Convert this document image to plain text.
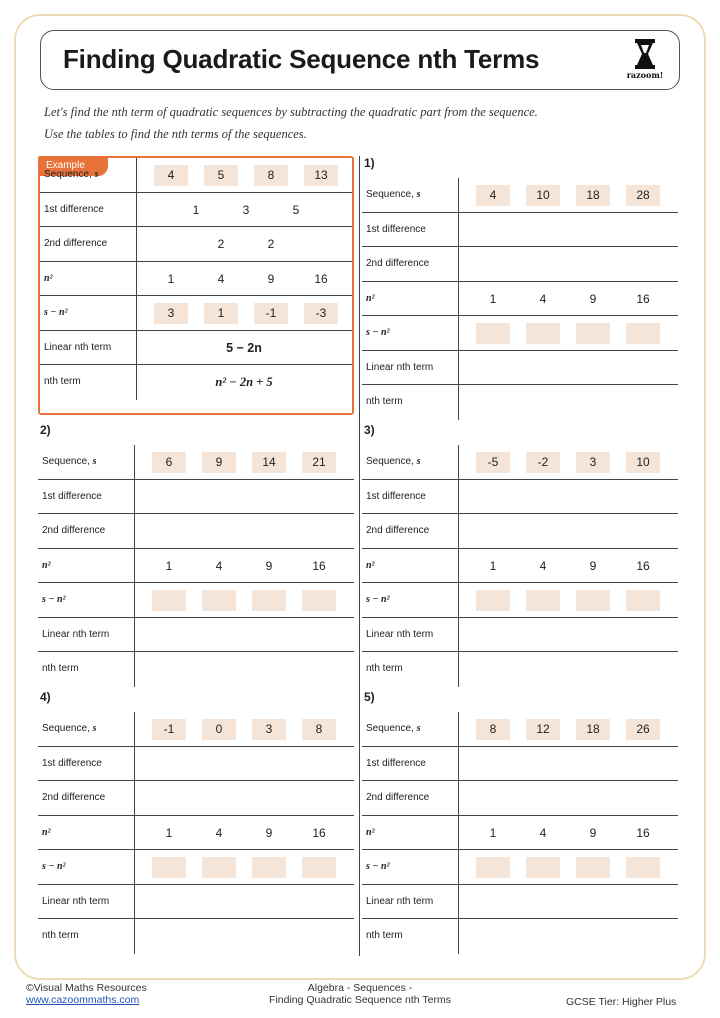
Finding Quadratic Sequence nth Terms
razoom!

Let's find the nth term of quadratic sequences by subtracting the quadratic part from the sequence.

Use the tables to find the nth terms of the sequences.

Example
Sequence, s	4	5	8	13
1st difference	1	3	5
2nd difference	2	2
n²	1	4	9	16
s − n²	3	1	-1	-3
Linear nth term	5 − 2n
nth term	n² − 2n + 5
1)
Sequence, s	4	10	18	28
1st difference
2nd difference
n²	1	4	9	16
s − n²
Linear nth term
nth term
2)
Sequence, s	6	9	14	21
1st difference
2nd difference
n²	1	4	9	16
s − n²
Linear nth term
nth term
3)
Sequence, s	-5	-2	3	10
1st difference
2nd difference
n²	1	4	9	16
s − n²
Linear nth term
nth term
4)
Sequence, s	-1	0	3	8
1st difference
2nd difference
n²	1	4	9	16
s − n²
Linear nth term
nth term
5)
Sequence, s	8	12	18	26
1st difference
2nd difference
n²	1	4	9	16
s − n²
Linear nth term
nth term
©Visual Maths Resources
www.cazoommaths.com
Algebra - Sequences -
Finding Quadratic Sequence nth Terms	GCSE Tier: Higher Plus
